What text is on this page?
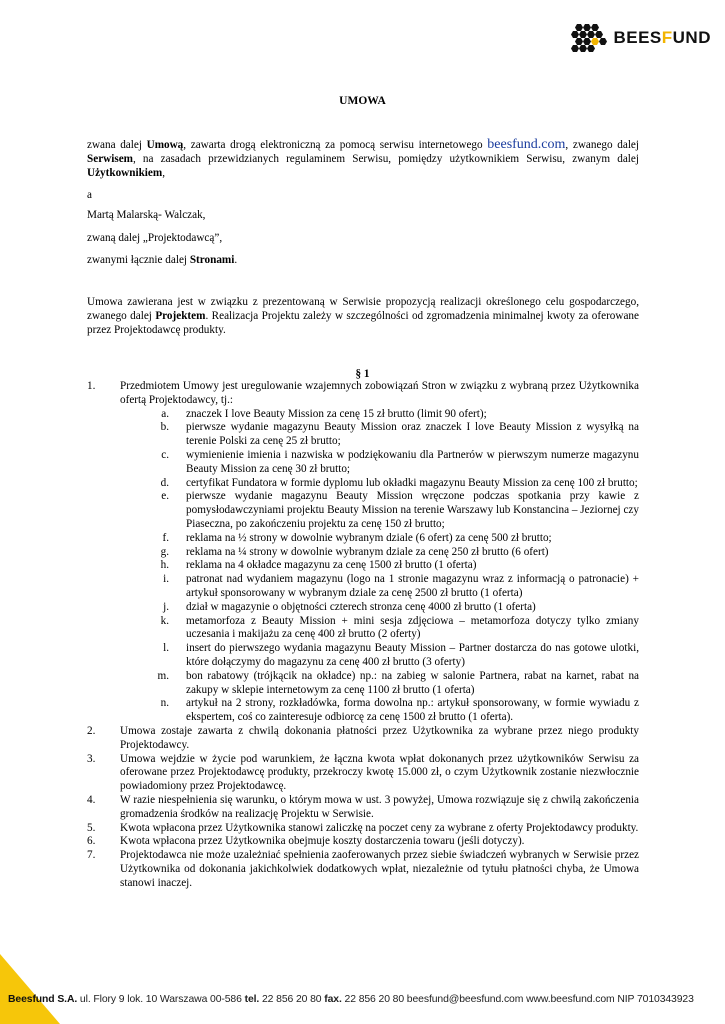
BEESFUND
UMOWA

zwana dalej Umową, zawarta drogą elektroniczną za pomocą serwisu internetowego beesfund.com, zwanego dalej Serwisem, na zasadach przewidzianych regulaminem Serwisu, pomiędzy użytkownikiem Serwisu, zwanym dalej Użytkownikiem,

a

Martą Malarską- Walczak,

zwaną dalej „Projektodawcą”,

zwanymi łącznie dalej Stronami.

Umowa zawierana jest w związku z prezentowaną w Serwisie propozycją realizacji określonego celu gospodarczego, zwanego dalej Projektem. Realizacja Projektu zależy w szczególności od zgromadzenia minimalnej kwoty za oferowane przez Projektodawcę produkty.

§ 1
1. Przedmiotem Umowy jest uregulowanie wzajemnych zobowiązań Stron w związku z wybraną przez Użytkownika ofertą Projektodawcy, tj.:
a. znaczek I love Beauty Mission za cenę 15 zł brutto (limit 90 ofert);
b. pierwsze wydanie magazynu Beauty Mission oraz znaczek I love Beauty Mission z wysyłką na terenie Polski za cenę 25 zł brutto;
c. wymienienie imienia i nazwiska w podziękowaniu dla Partnerów w pierwszym numerze magazynu Beauty Mission za cenę 30 zł brutto;
d. certyfikat Fundatora w formie dyplomu lub okładki magazynu Beauty Mission za cenę 100 zł brutto;
e. pierwsze wydanie magazynu Beauty Mission wręczone podczas spotkania przy kawie z pomysłodawczyniami projektu Beauty Mission na terenie Warszawy lub Konstancina – Jeziornej czy Piaseczna, po zakończeniu projektu za cenę 150 zł brutto;
f. reklama na ½ strony w dowolnie wybranym dziale (6 ofert) za cenę 500 zł brutto;
g. reklama na ¼ strony w dowolnie wybranym dziale za cenę 250 zł brutto (6 ofert)
h. reklama na 4 okładce magazynu za cenę 1500 zł brutto (1 oferta)
i. patronat nad wydaniem magazynu (logo na 1 stronie magazynu wraz z informacją o patronacie) + artykuł sponsorowany w wybranym dziale za cenę 2500 zł brutto (1 oferta)
j. dział w magazynie o objętności czterech stronza cenę 4000 zł brutto (1 oferta)
k. metamorfoza z Beauty Mission + mini sesja zdjęciowa – metamorfoza dotyczy tylko zmiany uczesania i makijażu za cenę 400 zł brutto (2 oferty)
l. insert do pierwszego wydania magazynu Beauty Mission – Partner dostarcza do nas gotowe ulotki, które dołączymy do magazynu za cenę 400 zł brutto (3 oferty)
m. bon rabatowy (trójkącik na okładce) np.: na zabieg w salonie Partnera, rabat na karnet, rabat na zakupy w sklepie internetowym za cenę 1100 zł brutto (1 oferta)
n. artykuł na 2 strony, rozkładówka, forma dowolna np.: artykuł sponsorowany, w formie wywiadu z ekspertem, coś co zainteresuje odbiorcę za cenę 1500 zł brutto (1 oferta).
2. Umowa zostaje zawarta z chwilą dokonania płatności przez Użytkownika za wybrane przez niego produkty Projektodawcy.
3. Umowa wejdzie w życie pod warunkiem, że łączna kwota wpłat dokonanych przez użytkowników Serwisu za oferowane przez Projektodawcę produkty, przekroczy kwotę 15.000 zł, o czym Użytkownik zostanie niezwłocznie powiadomiony przez Projektodawcę.
4. W razie niespełnienia się warunku, o którym mowa w ust. 3 powyżej, Umowa rozwiązuje się z chwilą zakończenia gromadzenia środków na realizację Projektu w Serwisie.
5. Kwota wpłacona przez Użytkownika stanowi zaliczkę na poczet ceny za wybrane z oferty Projektodawcy produkty.
6. Kwota wpłacona przez Użytkownika obejmuje koszty dostarczenia towaru (jeśli dotyczy).
7. Projektodawca nie może uzależniać spełnienia zaoferowanych przez siebie świadczeń wybranych w Serwisie przez Użytkownika od dokonania jakichkolwiek dodatkowych wpłat, niezależnie od tytułu płatności chyba, że Umowa stanowi inaczej.
Beesfund S.A. ul. Flory 9 lok. 10 Warszawa 00-586 tel. 22 856 20 80 fax. 22 856 20 80 beesfund@beesfund.com www.beesfund.com NIP 7010343923
